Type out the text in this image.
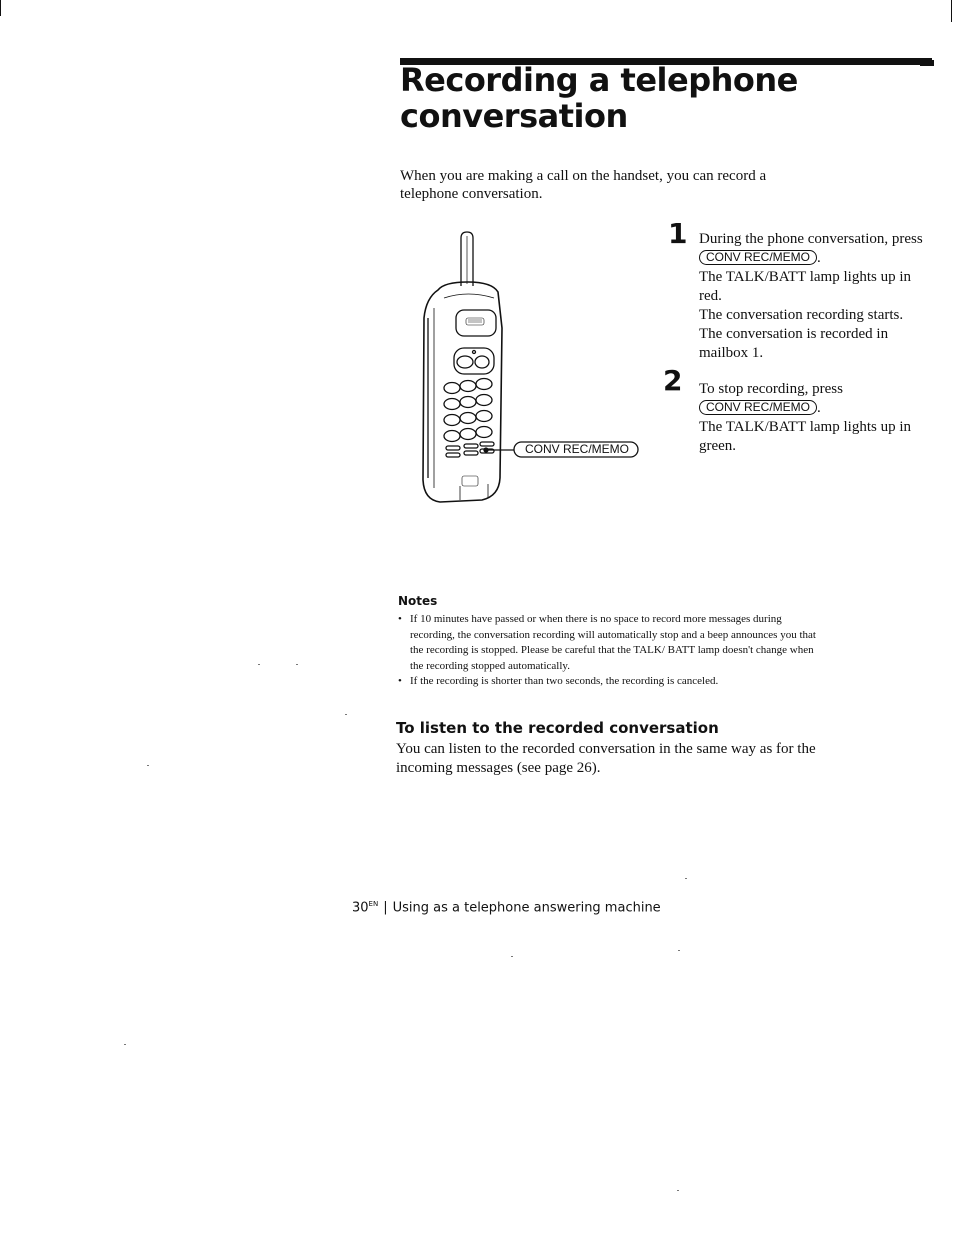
Recording a telephone
conversation
When you are making a call on the handset, you can record a telephone conversation.
CONV REC/MEMO
1 During the phone conversation, press CONV REC/MEMO .

The TALK/BATT lamp lights up in red.

The conversation recording starts.

The conversation is recorded in mailbox 1.

2 To stop recording, press CONV REC/MEMO .

The TALK/BATT lamp lights up in green.

Notes
• If 10 minutes have passed or when there is no space to record more messages during recording, the conversation recording will automatically stop and a beep announces you that the recording is stopped. Please be careful that the TALK/ BATT lamp doesn't change when the recording stopped automatically.
• If the recording is shorter than two seconds, the recording is canceled.
To listen to the recorded conversation
You can listen to the recorded conversation in the same way as for the incoming messages (see page 26).
$30^{EN}$ | Using as a telephone answering machine
